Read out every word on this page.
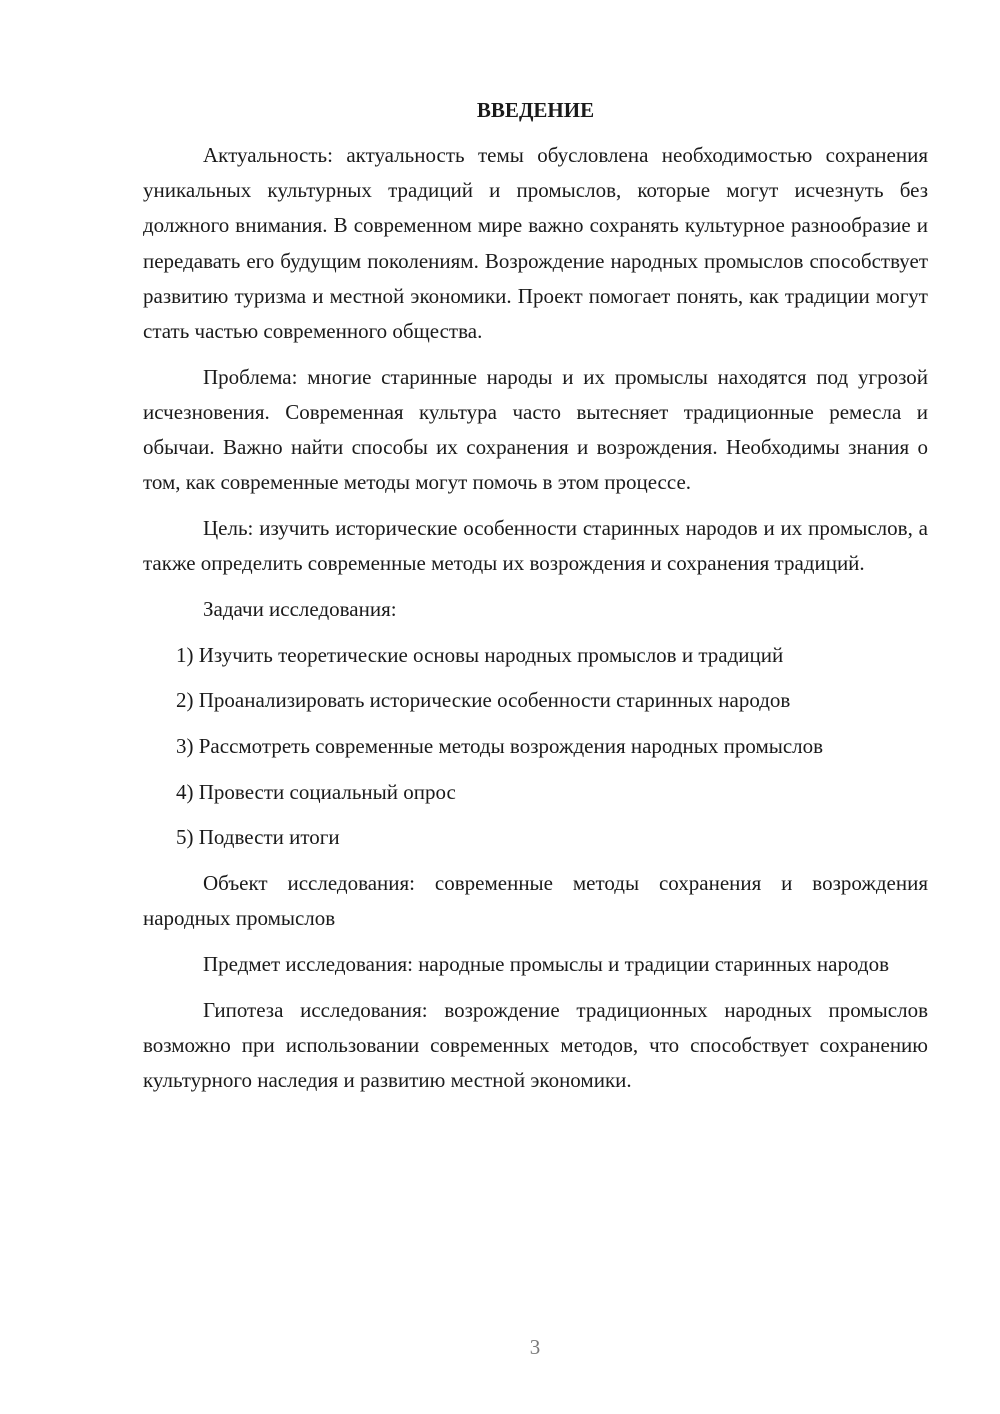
ВВЕДЕНИЕ

Актуальность: актуальность темы обусловлена необходимостью сохранения уникальных культурных традиций и промыслов, которые могут исчезнуть без должного внимания. В современном мире важно сохранять культурное разнообразие и передавать его будущим поколениям. Возрождение народных промыслов способствует развитию туризма и местной экономики. Проект помогает понять, как традиции могут стать частью современного общества.

Проблема: многие старинные народы и их промыслы находятся под угрозой исчезновения. Современная культура часто вытесняет традиционные ремесла и обычаи. Важно найти способы их сохранения и возрождения. Необходимы знания о том, как современные методы могут помочь в этом процессе.

Цель: изучить исторические особенности старинных народов и их промыслов, а также определить современные методы их возрождения и сохранения традиций.

Задачи исследования:

1) Изучить теоретические основы народных промыслов и традиций

2) Проанализировать исторические особенности старинных народов

3) Рассмотреть современные методы возрождения народных промыслов

4) Провести социальный опрос

5) Подвести итоги

Объект исследования: современные методы сохранения и возрождения народных промыслов

Предмет исследования: народные промыслы и традиции старинных народов

Гипотеза исследования: возрождение традиционных народных промыслов возможно при использовании современных методов, что способствует сохранению культурного наследия и развитию местной экономики.

3
